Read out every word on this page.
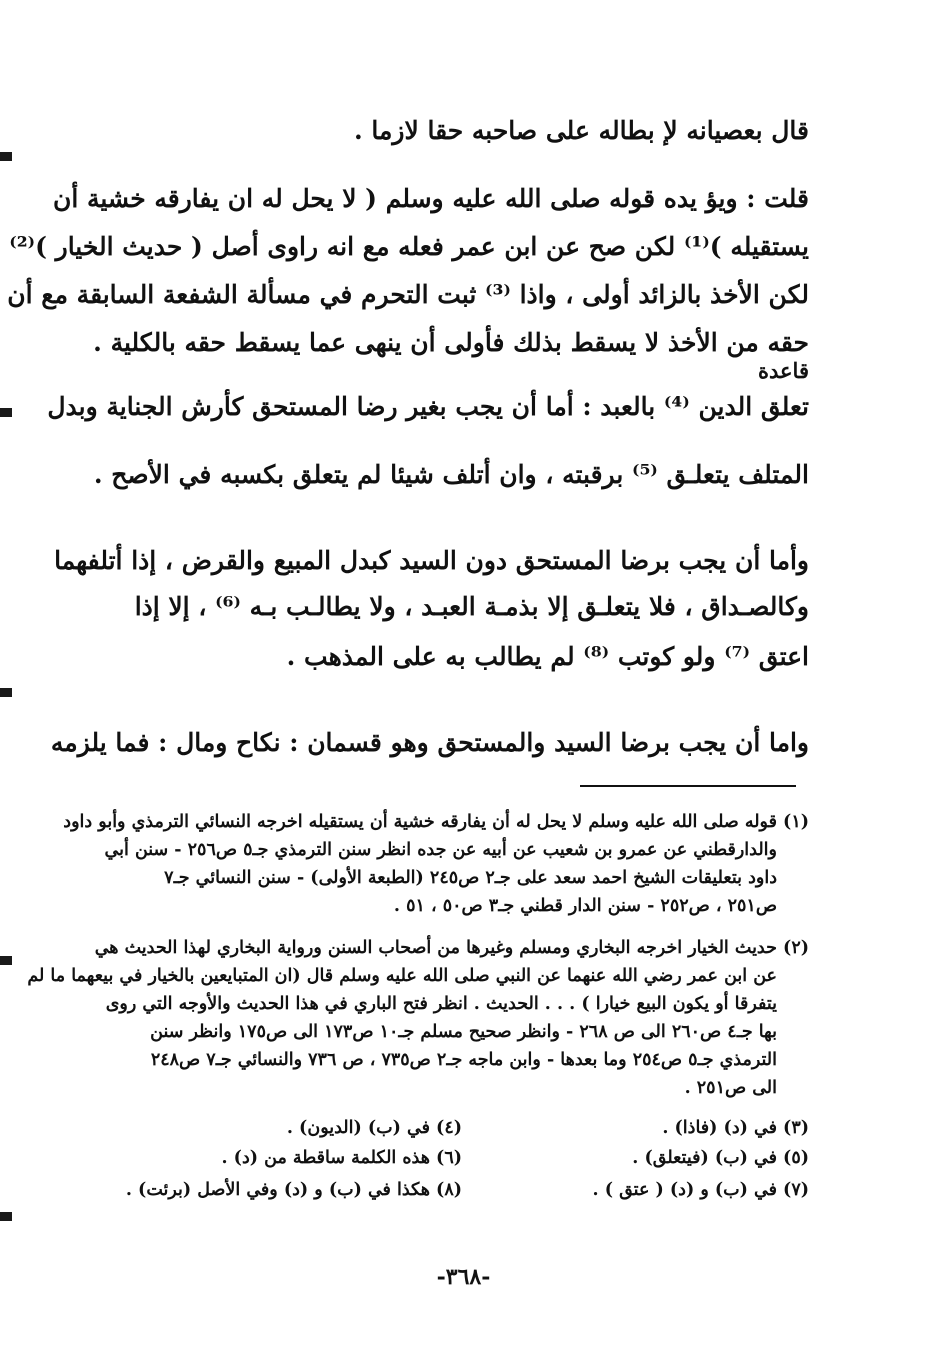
قال بعصيانه لإ بطاله على صاحبه حقا لازما .
قلت : ويؤ يده قوله صلى الله عليه وسلم ( لا يحل له ان يفارقه خشية أن
يستقيله )⁽¹⁾ لكن صح عن ابن عمر فعله مع انه راوى أصل ( حديث الخيار )⁽²⁾
لكن الأخذ بالزائد أولى ، واذا ⁽³⁾ ثبت التحرم في مسألة الشفعة السابقة مع أن
حقه من الأخذ لا يسقط بذلك فأولى أن ينهى عما يسقط حقه بالكلية .
قاعدة
تعلق الدين ⁽⁴⁾ بالعبد : أما أن يجب بغير رضا المستحق كأرش الجناية وبدل
المتلف يتعلـق ⁽⁵⁾ برقبته ، وان أتلف شيئا لم يتعلق بكسبه في الأصح .
وأما أن يجب برضا المستحق دون السيد كبدل المبيع والقرض ، إذا أتلفهما
وكالصـداق ، فلا يتعلـق إلا بذمـة العبـد ، ولا يطالـب بـه ⁽⁶⁾ ، إلا إذا
اعتق ⁽⁷⁾ ولو كوتب ⁽⁸⁾ لم يطالب به على المذهب .
واما أن يجب برضا السيد والمستحق وهو قسمان : نكاح ومال : فما يلزمه
(١) قوله صلى الله عليه وسلم لا يحل له أن يفارقه خشية أن يستقيله اخرجه النسائي الترمذي وأبو داود
والدارقطني عن عمرو بن شعيب عن أبيه عن جده انظر سنن الترمذي جـ٥ ص٢٥٦ - سنن أبي
داود بتعليقات الشيخ احمد سعد على جـ٢ ص٢٤٥ (الطبعة الأولى) - سنن النسائي جـ٧
ص٢٥١ ، ص٢٥٢ - سنن الدار قطني جـ٣ ص٥٠ ، ٥١ .
(٢) حديث الخيار اخرجه البخاري ومسلم وغيرها من أصحاب السنن ورواية البخاري لهذا الحديث هي
عن ابن عمر رضي الله عنهما عن النبي صلى الله عليه وسلم قال (ان المتبايعين بالخيار في بيعهما ما لم
يتفرقا أو يكون البيع خيارا ) . . . الحديث . انظر فتح الباري في هذا الحديث والأوجه التي روى
بها جـ٤ ص٢٦٠ الى ص ٢٦٨ - وانظر صحيح مسلم جـ١٠ ص١٧٣ الى ص١٧٥ وانظر سنن
الترمذي جـ٥ ص٢٥٤ وما بعدها - وابن ماجه جـ٢ ص٧٣٥ ، ص ٧٣٦ والنسائي جـ٧ ص٢٤٨
الى ص٢٥١ .
(٣) في (د) (فاذا) .
(٤) في (ب) (الديون) .
(٥) في (ب) (فيتعلق) .
(٦) هذه الكلمة ساقطة من (د) .
(٧) في (ب) و (د) ( عتق ) .
(٨) هكذا في (ب) و (د) وفي الأصل (برئت) .
-٣٦٨-
